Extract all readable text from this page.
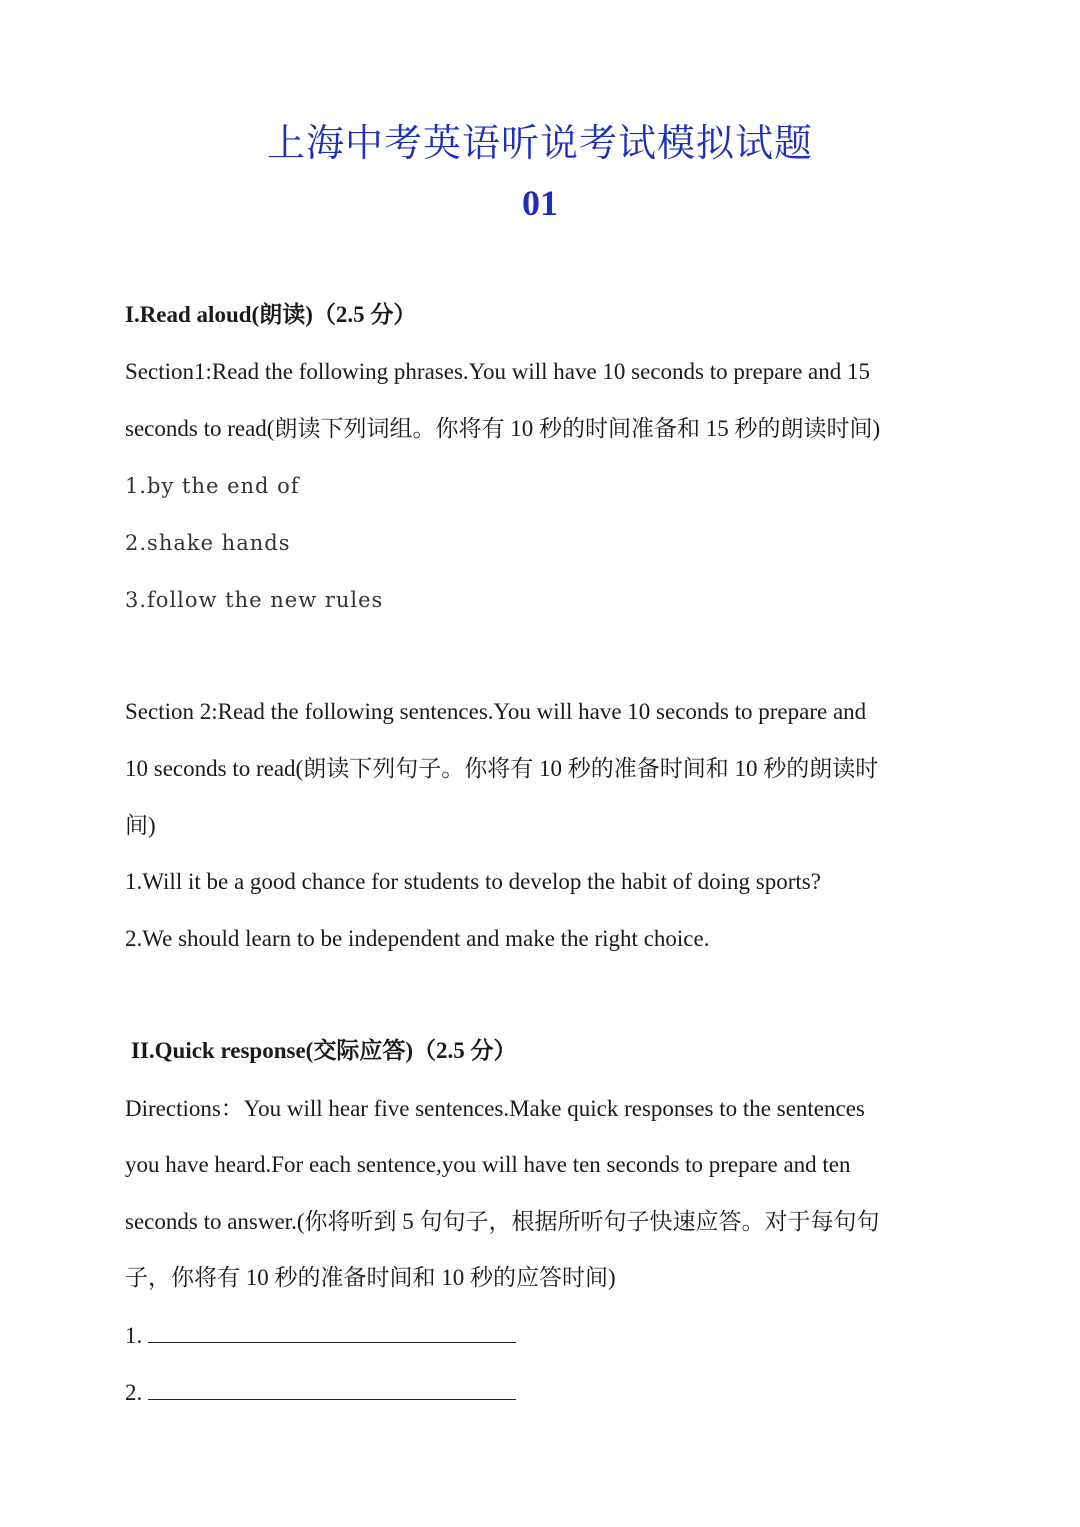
上海中考英语听说考试模拟试题
01
I.Read aloud(朗读)（2.5 分）
Section1:Read the following phrases.You will have 10 seconds to prepare and 15
seconds to read(朗读下列词组。你将有 10 秒的时间准备和 15 秒的朗读时间)
1.by the end of
2.shake hands
3.follow the new rules
Section 2:Read the following sentences.You will have 10 seconds to prepare and
10 seconds to read(朗读下列句子。你将有 10 秒的准备时间和 10 秒的朗读时
间)
1.Will it be a good chance for students to develop the habit of doing sports?
2.We should learn to be independent and make the right choice.
II.Quick response(交际应答)（2.5 分）
Directions：You will hear five sentences.Make quick responses to the sentences
you have heard.For each sentence,you will have ten seconds to prepare and ten
seconds to answer.(你将听到 5 句句子，根据所听句子快速应答。对于每句句
子，你将有 10 秒的准备时间和 10 秒的应答时间)
1.
2.
